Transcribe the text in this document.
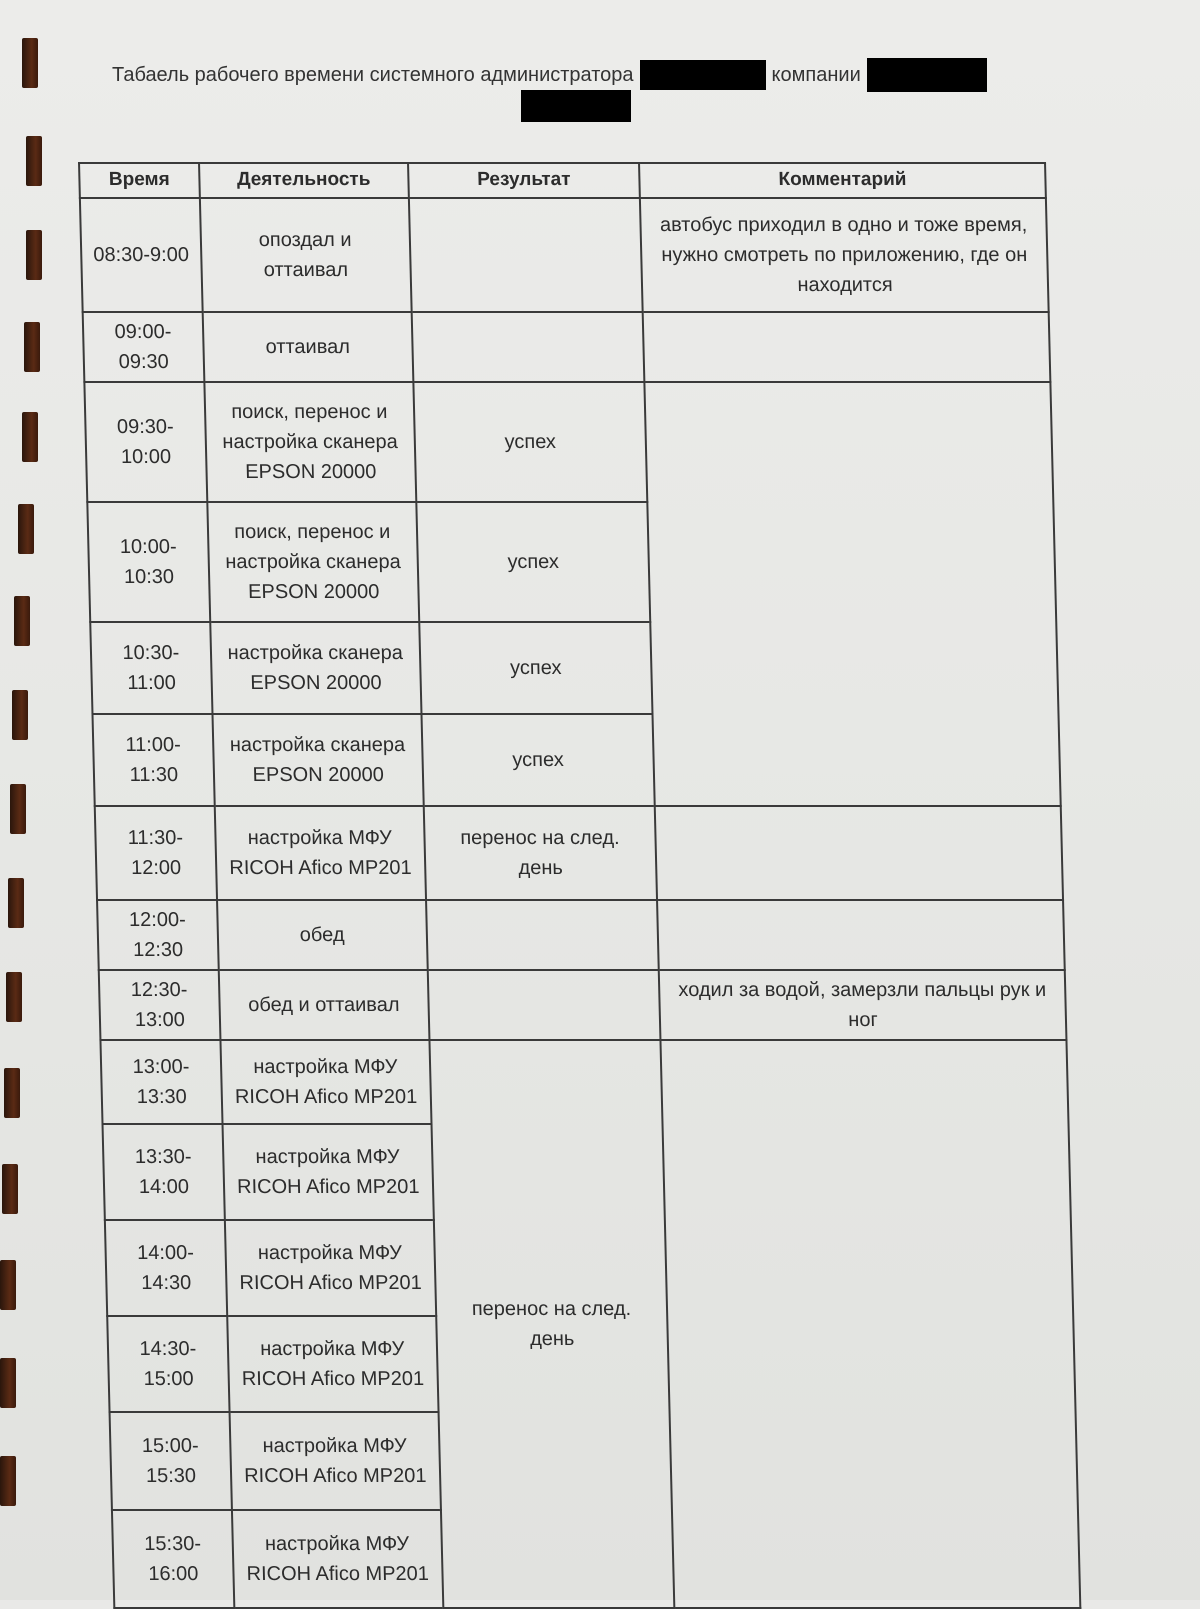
Табаель рабочего времени системного администратора	компании
Время	Деятельность	Результат	Комментарий
08:30-9:00	опоздал и
оттаивал		автобус приходил в одно и тоже время, нужно смотреть по приложению, где он находится
09:00-
09:30	оттаивал		
09:30-
10:00	поиск, перенос и
настройка сканера
EPSON 20000	успех	
10:00-
10:30	поиск, перенос и
настройка сканера
EPSON 20000	успех	
10:30-
11:00	настройка сканера
EPSON 20000	успех	
11:00-
11:30	настройка сканера
EPSON 20000	успех	
11:30-
12:00	настройка МФУ
RICOH Afico MP201	перенос на след.
день	
12:00-
12:30	обед		
12:30-
13:00	обед и оттаивал		ходил за водой, замерзли пальцы рук и ног
13:00-
13:30	настройка МФУ
RICOH Afico MP201	перенос на след.
день	
13:30-
14:00	настройка МФУ
RICOH Afico MP201		
14:00-
14:30	настройка МФУ
RICOH Afico MP201		
14:30-
15:00	настройка МФУ
RICOH Afico MP201		
15:00-
15:30	настройка МФУ
RICOH Afico MP201		
15:30-
16:00	настройка МФУ
RICOH Afico MP201		
